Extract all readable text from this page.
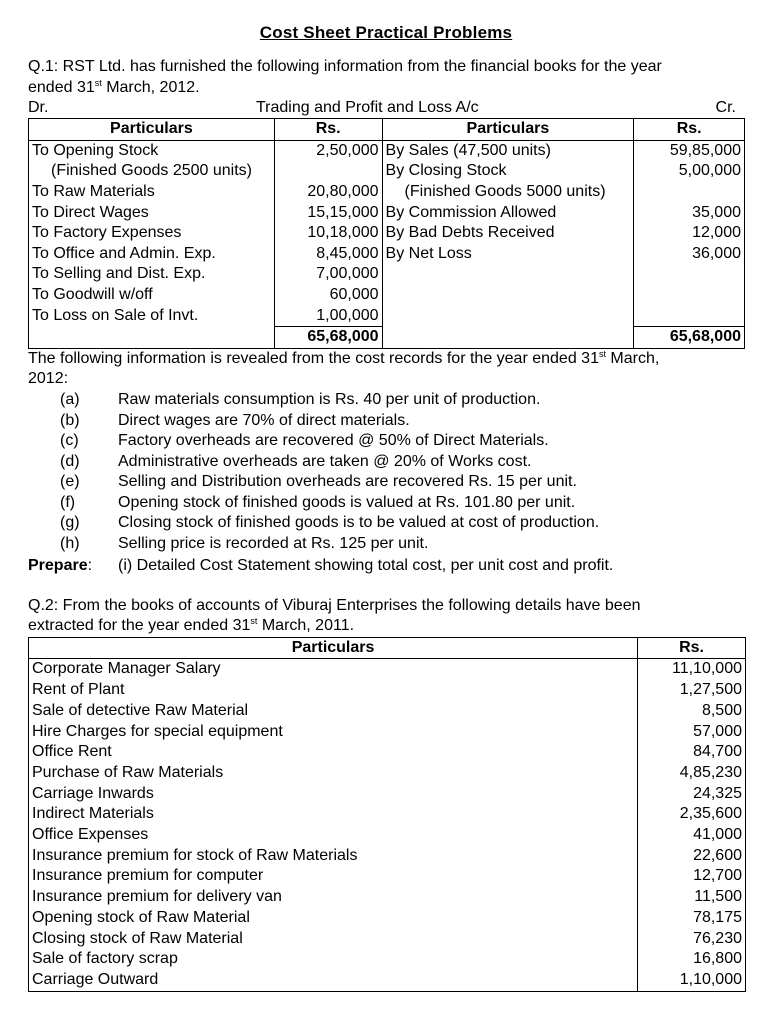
Cost Sheet Practical Problems

Q.1: RST Ltd. has furnished the following information from the financial books for the year

ended 31st March, 2012.

Dr.	Trading and Profit and Loss A/c	Cr.
Particulars	Rs.	Particulars	Rs.
To Opening Stock	2,50,000	By Sales (47,500 units)	59,85,000
(Finished Goods 2500 units)		By Closing Stock	5,00,000
To Raw Materials	20,80,000	(Finished Goods 5000 units)	
To Direct Wages	15,15,000	By Commission Allowed	35,000
To Factory Expenses	10,18,000	By Bad Debts Received	12,000
To Office and Admin. Exp.	8,45,000	By Net Loss	36,000
To Selling and Dist. Exp.	7,00,000		
To Goodwill w/off	60,000		
To Loss on Sale of Invt.	1,00,000		
	65,68,000		65,68,000

The following information is revealed from the cost records for the year ended 31st March,

2012:

(a)	Raw materials consumption is Rs. 40 per unit of production.
(b)	Direct wages are 70% of direct materials.
(c)	Factory overheads are recovered @ 50% of Direct Materials.
(d)	Administrative overheads are taken @ 20% of Works cost.
(e)	Selling and Distribution overheads are recovered Rs. 15 per unit.
(f)	Opening stock of finished goods is valued at Rs. 101.80 per unit.
(g)	Closing stock of finished goods is to be valued at cost of production.
(h)	Selling price is recorded at Rs. 125 per unit.
Prepare:	(i) Detailed Cost Statement showing total cost, per unit cost and profit.

Q.2: From the books of accounts of Viburaj Enterprises the following details have been

extracted for the year ended 31st March, 2011.

Particulars	Rs.
Corporate Manager Salary	11,10,000
Rent of Plant	1,27,500
Sale of detective Raw Material	8,500
Hire Charges for special equipment	57,000
Office Rent	84,700
Purchase of Raw Materials	4,85,230
Carriage Inwards	24,325
Indirect Materials	2,35,600
Office Expenses	41,000
Insurance premium for stock of Raw Materials	22,600
Insurance premium for computer	12,700
Insurance premium for delivery van	11,500
Opening stock of Raw Material	78,175
Closing stock of Raw Material	76,230
Sale of factory scrap	16,800
Carriage Outward	1,10,000
